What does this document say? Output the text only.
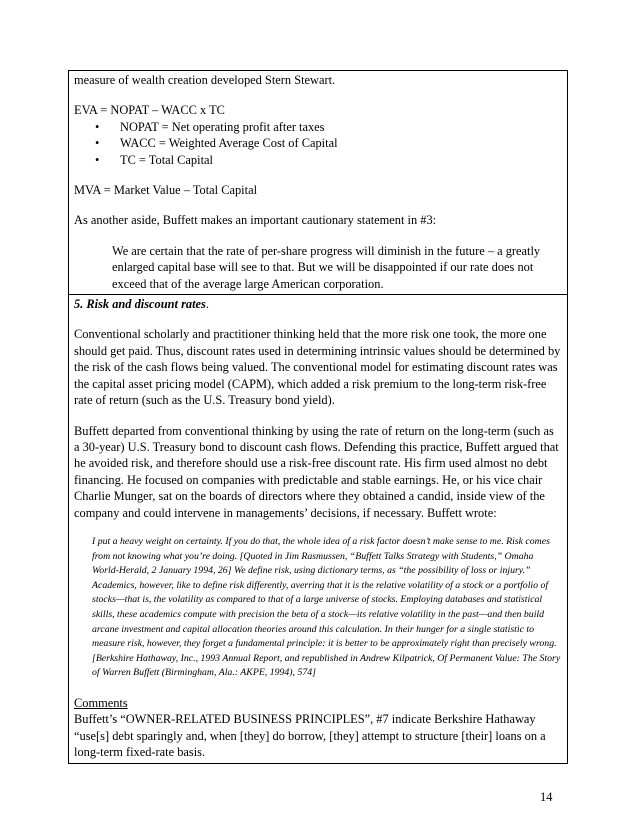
measure of wealth creation developed Stern Stewart.

EVA = NOPAT – WACC x TC

• NOPAT = Net operating profit after taxes
• WACC = Weighted Average Cost of Capital
• TC = Total Capital

MVA = Market Value – Total Capital

As another aside, Buffett makes an important cautionary statement in #3:

We are certain that the rate of per-share progress will diminish in the future – a greatly enlarged capital base will see to that. But we will be disappointed if our rate does not exceed that of the average large American corporation.

5. Risk and discount rates.

Conventional scholarly and practitioner thinking held that the more risk one took, the more one should get paid. Thus, discount rates used in determining intrinsic values should be determined by the risk of the cash flows being valued. The conventional model for estimating discount rates was the capital asset pricing model (CAPM), which added a risk premium to the long-term risk-free rate of return (such as the U.S. Treasury bond yield).

Buffett departed from conventional thinking by using the rate of return on the long-term (such as a 30-year) U.S. Treasury bond to discount cash flows. Defending this practice, Buffett argued that he avoided risk, and therefore should use a risk-free discount rate. His firm used almost no debt financing. He focused on companies with predictable and stable earnings. He, or his vice chair Charlie Munger, sat on the boards of directors where they obtained a candid, inside view of the company and could intervene in managements’ decisions, if necessary. Buffett wrote:

I put a heavy weight on certainty. If you do that, the whole idea of a risk factor doesn’t make sense to me. Risk comes from not knowing what you’re doing. [Quoted in Jim Rasmussen, “Buffett Talks Strategy with Students,” Omaha World-Herald, 2 January 1994, 26] We define risk, using dictionary terms, as “the possibility of loss or injury.” Academics, however, like to define risk differently, averring that it is the relative volatility of a stock or a portfolio of stocks—that is, the volatility as compared to that of a large universe of stocks. Employing databases and statistical skills, these academics compute with precision the beta of a stock—its relative volatility in the past—and then build arcane investment and capital allocation theories around this calculation. In their hunger for a single statistic to measure risk, however, they forget a fundamental principle: it is better to be approximately right than precisely wrong. [Berkshire Hathaway, Inc., 1993 Annual Report, and republished in Andrew Kilpatrick, Of Permanent Value: The Story of Warren Buffett (Birmingham, Ala.: AKPE, 1994), 574]

Comments

Buffett’s “OWNER-RELATED BUSINESS PRINCIPLES”, #7 indicate Berkshire Hathaway “use[s] debt sparingly and, when [they] do borrow, [they] attempt to structure [their] loans on a long-term fixed-rate basis.

14
